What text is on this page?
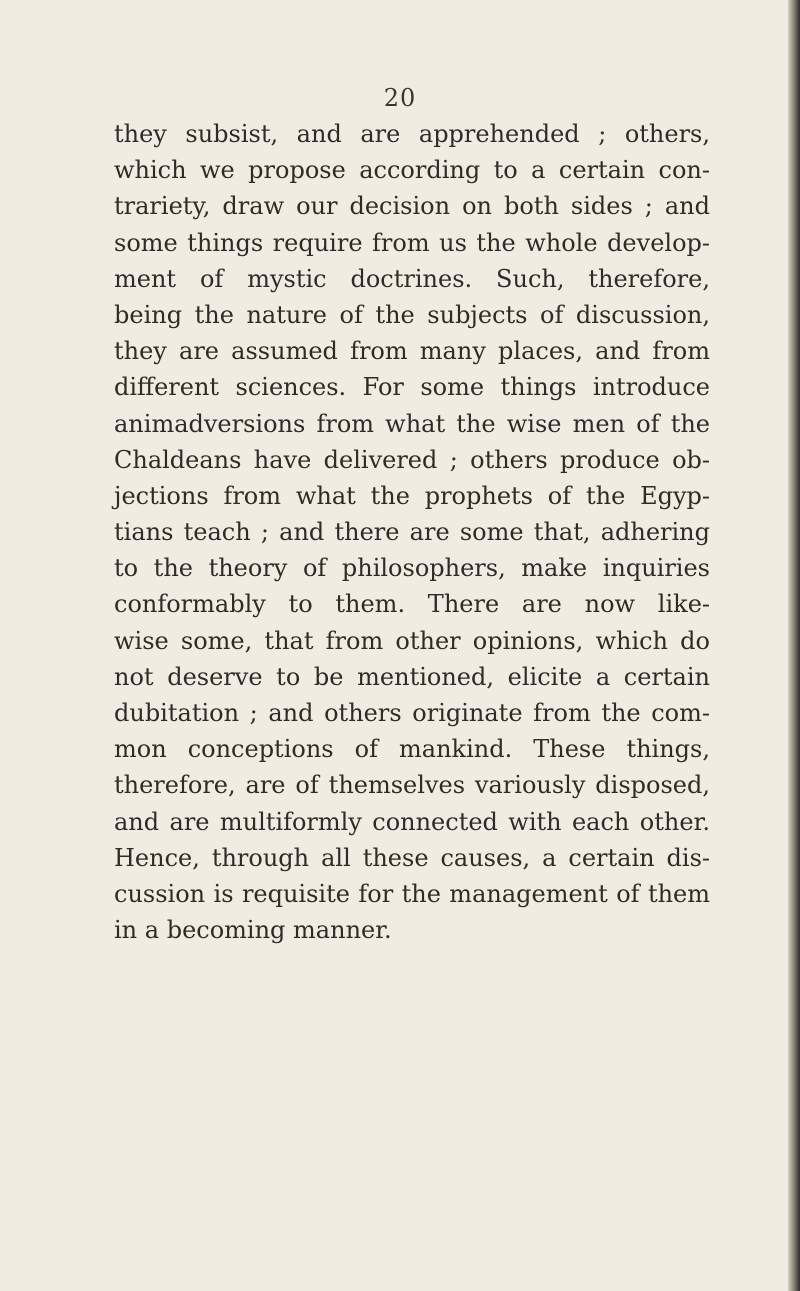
20
they subsist, and are apprehended ; others,
which we propose according to a certain con-
trariety, draw our decision on both sides ; and
some things require from us the whole develop-
ment of mystic doctrines. Such, therefore,
being the nature of the subjects of discussion,
they are assumed from many places, and from
different sciences. For some things introduce
animadversions from what the wise men of the
Chaldeans have delivered ; others produce ob-
jections from what the prophets of the Egyp-
tians teach ; and there are some that, adhering
to the theory of philosophers, make inquiries
conformably to them. There are now like-
wise some, that from other opinions, which do
not deserve to be mentioned, elicite a certain
dubitation ; and others originate from the com-
mon conceptions of mankind. These things,
therefore, are of themselves variously disposed,
and are multiformly connected with each other.
Hence, through all these causes, a certain dis-
cussion is requisite for the management of them
in a becoming manner.
